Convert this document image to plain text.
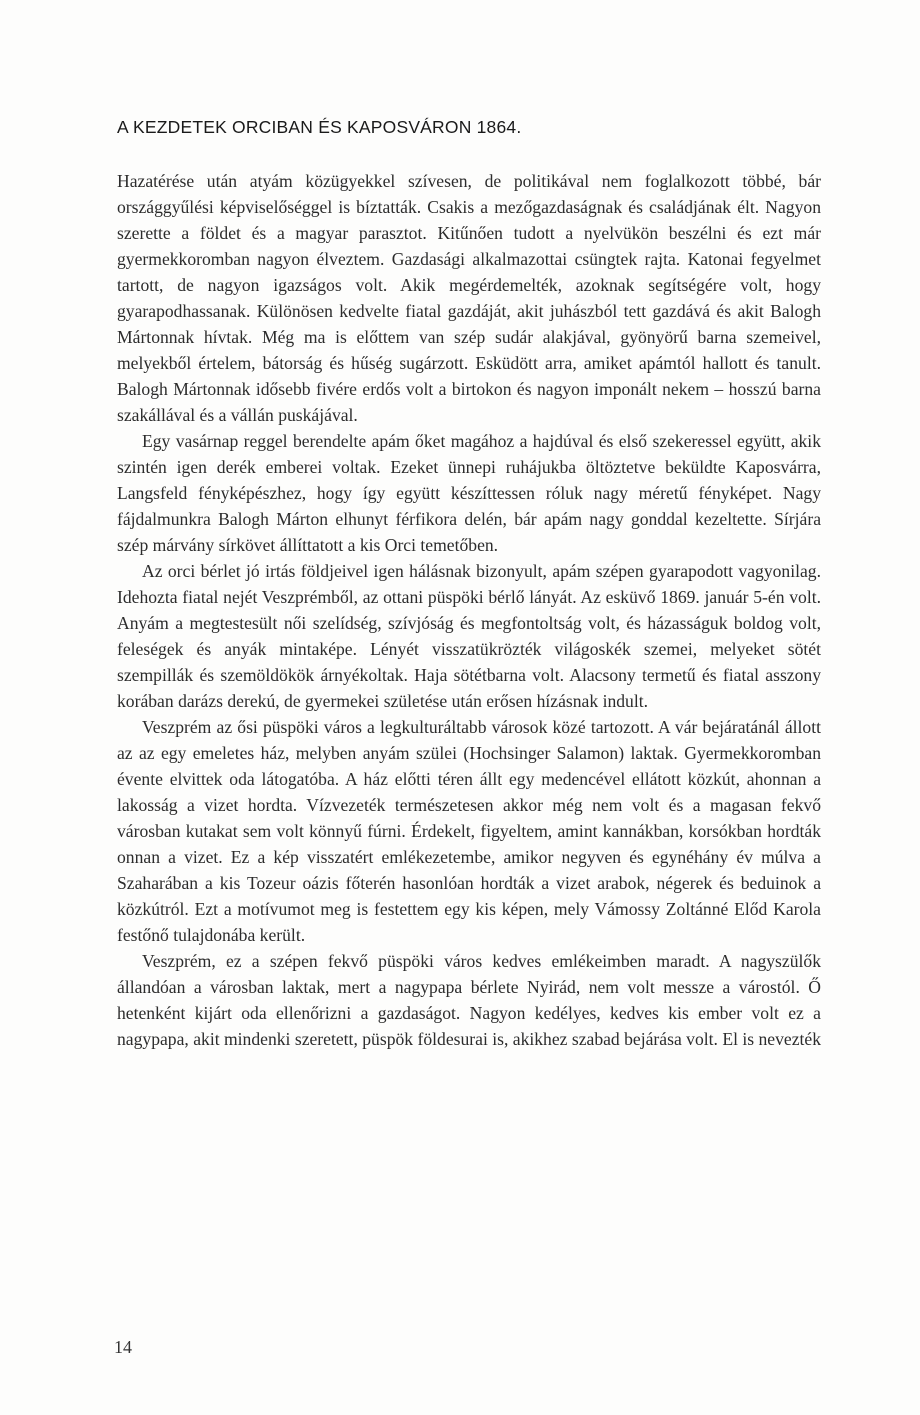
A KEZDETEK ORCIBAN ÉS KAPOSVÁRON 1864.

Hazatérése után atyám közügyekkel szívesen, de politikával nem foglalkozott többé, bár országgyűlési képviselőséggel is bíztatták. Csakis a mezőgazdaságnak és családjának élt. Nagyon szerette a földet és a magyar parasztot. Kitűnően tudott a nyelvükön beszélni és ezt már gyermekkoromban nagyon élveztem. Gazdasági alkalmazottai csüngtek rajta. Katonai fegyelmet tartott, de nagyon igazságos volt. Akik megérdemelték, azoknak segítségére volt, hogy gyarapodhassanak. Különösen kedvelte fiatal gazdáját, akit juhászból tett gazdává és akit Balogh Mártonnak hívtak. Még ma is előttem van szép sudár alakjával, gyönyörű barna szemeivel, melyekből értelem, bátorság és hűség sugárzott. Esküdött arra, amiket apámtól hallott és tanult. Balogh Mártonnak idősebb fivére erdős volt a birtokon és nagyon imponált nekem – hosszú barna szakállával és a vállán puskájával.

Egy vasárnap reggel berendelte apám őket magához a hajdúval és első szekeressel együtt, akik szintén igen derék emberei voltak. Ezeket ünnepi ruhájukba öltöztetve beküldte Kaposvárra, Langsfeld fényképészhez, hogy így együtt készíttessen róluk nagy méretű fényképet. Nagy fájdalmunkra Balogh Márton elhunyt férfikora delén, bár apám nagy gonddal kezeltette. Sírjára szép márvány sírkövet állíttatott a kis Orci temetőben.

Az orci bérlet jó irtás földjeivel igen hálásnak bizonyult, apám szépen gyarapodott vagyonilag. Idehozta fiatal nejét Veszprémből, az ottani püspöki bérlő lányát. Az esküvő 1869. január 5-én volt. Anyám a megtestesült női szelídség, szívjóság és megfontoltság volt, és házasságuk boldog volt, feleségek és anyák mintaképe. Lényét visszatükrözték világoskék szemei, melyeket sötét szempillák és szemöldökök árnyékoltak. Haja sötétbarna volt. Alacsony termetű és fiatal asszony korában darázs derekú, de gyermekei születése után erősen hízásnak indult.

Veszprém az ősi püspöki város a legkulturáltabb városok közé tartozott. A vár bejáratánál állott az az egy emeletes ház, melyben anyám szülei (Hochsinger Salamon) laktak. Gyermekkoromban évente elvittek oda látogatóba. A ház előtti téren állt egy medencével ellátott közkút, ahonnan a lakosság a vizet hordta. Vízvezeték természetesen akkor még nem volt és a magasan fekvő városban kutakat sem volt könnyű fúrni. Érdekelt, figyeltem, amint kannákban, korsókban hordták onnan a vizet. Ez a kép visszatért emlékezetembe, amikor negyven és egynéhány év múlva a Szaharában a kis Tozeur oázis főterén hasonlóan hordták a vizet arabok, négerek és beduinok a közkútról. Ezt a motívumot meg is festettem egy kis képen, mely Vámossy Zoltánné Előd Karola festőnő tulajdonába került.

Veszprém, ez a szépen fekvő püspöki város kedves emlékeimben maradt. A nagyszülők állandóan a városban laktak, mert a nagypapa bérlete Nyirád, nem volt messze a várostól. Ő hetenként kijárt oda ellenőrizni a gazdaságot. Nagyon kedélyes, kedves kis ember volt ez a nagypapa, akit mindenki szeretett, püspök földesurai is, akikhez szabad bejárása volt. El is nevezték

14
